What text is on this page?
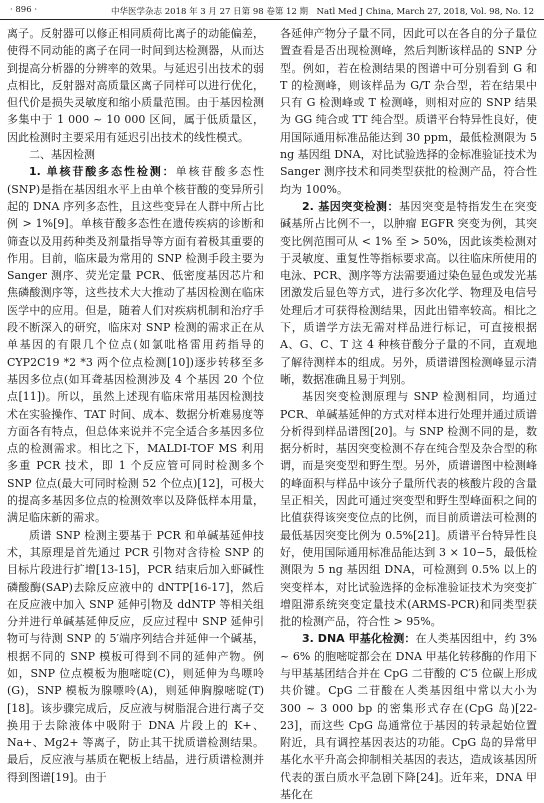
· 896 ·	中华医学杂志 2018 年 3 月 27 日第 98 卷第 12 期　Natl Med J China, March 27, 2018, Vol. 98, No. 12

离子。反射器可以修正相同质荷比离子的动能偏差，使得不同动能的离子在同一时间到达检测器，从而达到提高分析器的分辨率的效果。与延迟引出技术的弱点相比，反射器对高质量区离子同样可以进行优化，但代价是损失灵敏度和缩小质量范围。由于基因检测多集中于 1 000 ~ 10 000 区间，属于低质量区，因此检测时主要采用有延迟引出技术的线性模式。

二、基因检测

1. 单核苷酸多态性检测：单核苷酸多态性(SNP)是指在基因组水平上由单个核苷酸的变异所引起的 DNA 序列多态性，且这些变异在人群中所占比例 > 1%[9]。单核苷酸多态性在遗传疾病的诊断和筛查以及用药种类及剂量指导等方面有着极其重要的作用。目前，临床最为常用的 SNP 检测手段主要为 Sanger 测序、荧光定量 PCR、低密度基因芯片和焦磷酸测序等，这些技术大大推动了基因检测在临床医学中的应用。但是，随着人们对疾病机制和治疗手段不断深入的研究，临床对 SNP 检测的需求正在从单基因的有限几个位点(如氯吡格雷用药指导的 CYP2C19 *2 *3 两个位点检测[10])逐步转移至多基因多位点(如耳聋基因检测涉及 4 个基因 20 个位点[11])。所以，虽然上述现有临床常用基因检测技术在实验操作、TAT 时间、成本、数据分析难易度等方面各有特点，但总体来说并不完全适合多基因多位点的检测需求。相比之下，MALDI-TOF MS 利用多重 PCR 技术，即 1 个反应管可同时检测多个 SNP 位点(最大可同时检测 52 个位点)[12]，可极大的提高多基因多位点的检测效率以及降低样本用量，满足临床新的需求。

质谱 SNP 检测主要基于 PCR 和单碱基延伸技术，其原理是首先通过 PCR 引物对含待检 SNP 的目标片段进行扩增[13-15]，PCR 结束后加入虾碱性磷酸酶(SAP)去除反应液中的 dNTP[16-17]，然后在反应液中加入 SNP 延伸引物及 ddNTP 等相关组分并进行单碱基延伸反应，反应过程中 SNP 延伸引物可与待测 SNP 的 5′端序列结合并延伸一个碱基，根据不同的 SNP 模板可得到不同的延伸产物。例如，SNP 位点模板为胞嘧啶(C)，则延伸为鸟嘌呤(G)，SNP 模板为腺嘌呤(A)，则延伸胸腺嘧啶(T)[18]。该步骤完成后，反应液与树脂混合进行离子交换用于去除液体中吸附于 DNA 片段上的 K+、Na+、Mg2+ 等离子，防止其干扰质谱检测结果。最后，反应液与基质在靶板上结晶，进行质谱检测并得到图谱[19]。由于

各延伸产物分子量不同，因此可以在各自的分子量位置查看是否出现检测峰，然后判断该样品的 SNP 分型。例如，若在检测结果的图谱中可分别看到 G 和 T 的检测峰，则该样品为 G/T 杂合型，若在结果中只有 G 检测峰或 T 检测峰，则相对应的 SNP 结果为 GG 纯合或 TT 纯合型。质谱平台特异性良好，使用国际通用标准品能达到 30 ppm，最低检测限为 5 ng 基因组 DNA，对比试验选择的金标准验证技术为 Sanger 测序技术和同类型获批的检测产品，符合性均为 100%。

2. 基因突变检测：基因突变是特指发生在突变碱基所占比例不一，以肿瘤 EGFR 突变为例，其突变比例范围可从 < 1% 至 > 50%，因此该类检测对于灵敏度、重复性等指标要求高。以往临床所使用的电泳、PCR、测序等方法需要通过染色显色或发光基团激发后显色等方式，进行多次化学、物理及电信号处理后才可获得检测结果，因此出错率较高。相比之下，质谱学方法无需对样品进行标记，可直接根据 A、G、C、T 这 4 种核苷酸分子量的不同，直观地了解待测样本的组成。另外，质谱谱图检测峰显示清晰，数据准确且易于判别。

基因突变检测原理与 SNP 检测相同，均通过 PCR、单碱基延伸的方式对样本进行处理并通过质谱分析得到样品谱图[20]。与 SNP 检测不同的是，数据分析时，基因突变检测不存在纯合型及杂合型的称谓，而是突变型和野生型。另外，质谱谱图中检测峰的峰面积与样品中该分子量所代表的核酸片段的含量呈正相关，因此可通过突变型和野生型峰面积之间的比值获得该突变位点的比例，而目前质谱法可检测的最低基因突变比例为 0.5%[21]。质谱平台特异性良好，使用国际通用标准品能达到 3 × 10−5，最低检测限为 5 ng 基因组 DNA，可检测到 0.5% 以上的突变样本，对比试验选择的金标准验证技术为突变扩增阻滞系统突变定量技术(ARMS-PCR)和同类型获批的检测产品，符合性 > 95%。

3. DNA 甲基化检测：在人类基因组中，约 3% ~ 6% 的胞嘧啶都会在 DNA 甲基化转移酶的作用下与甲基基团结合并在 CpG 二苷酸的 C′5 位碳上形成共价键。CpG 二苷酸在人类基因组中常以大小为 300 ~ 3 000 bp 的密集形式存在(CpG 岛)[22-23]，而这些 CpG 岛通常位于基因的转录起始位置附近，具有调控基因表达的功能。CpG 岛的异常甲基化水平升高会抑制相关基因的表达，造成该基因所代表的蛋白质水平急剧下降[24]。近年来，DNA 甲基化在
